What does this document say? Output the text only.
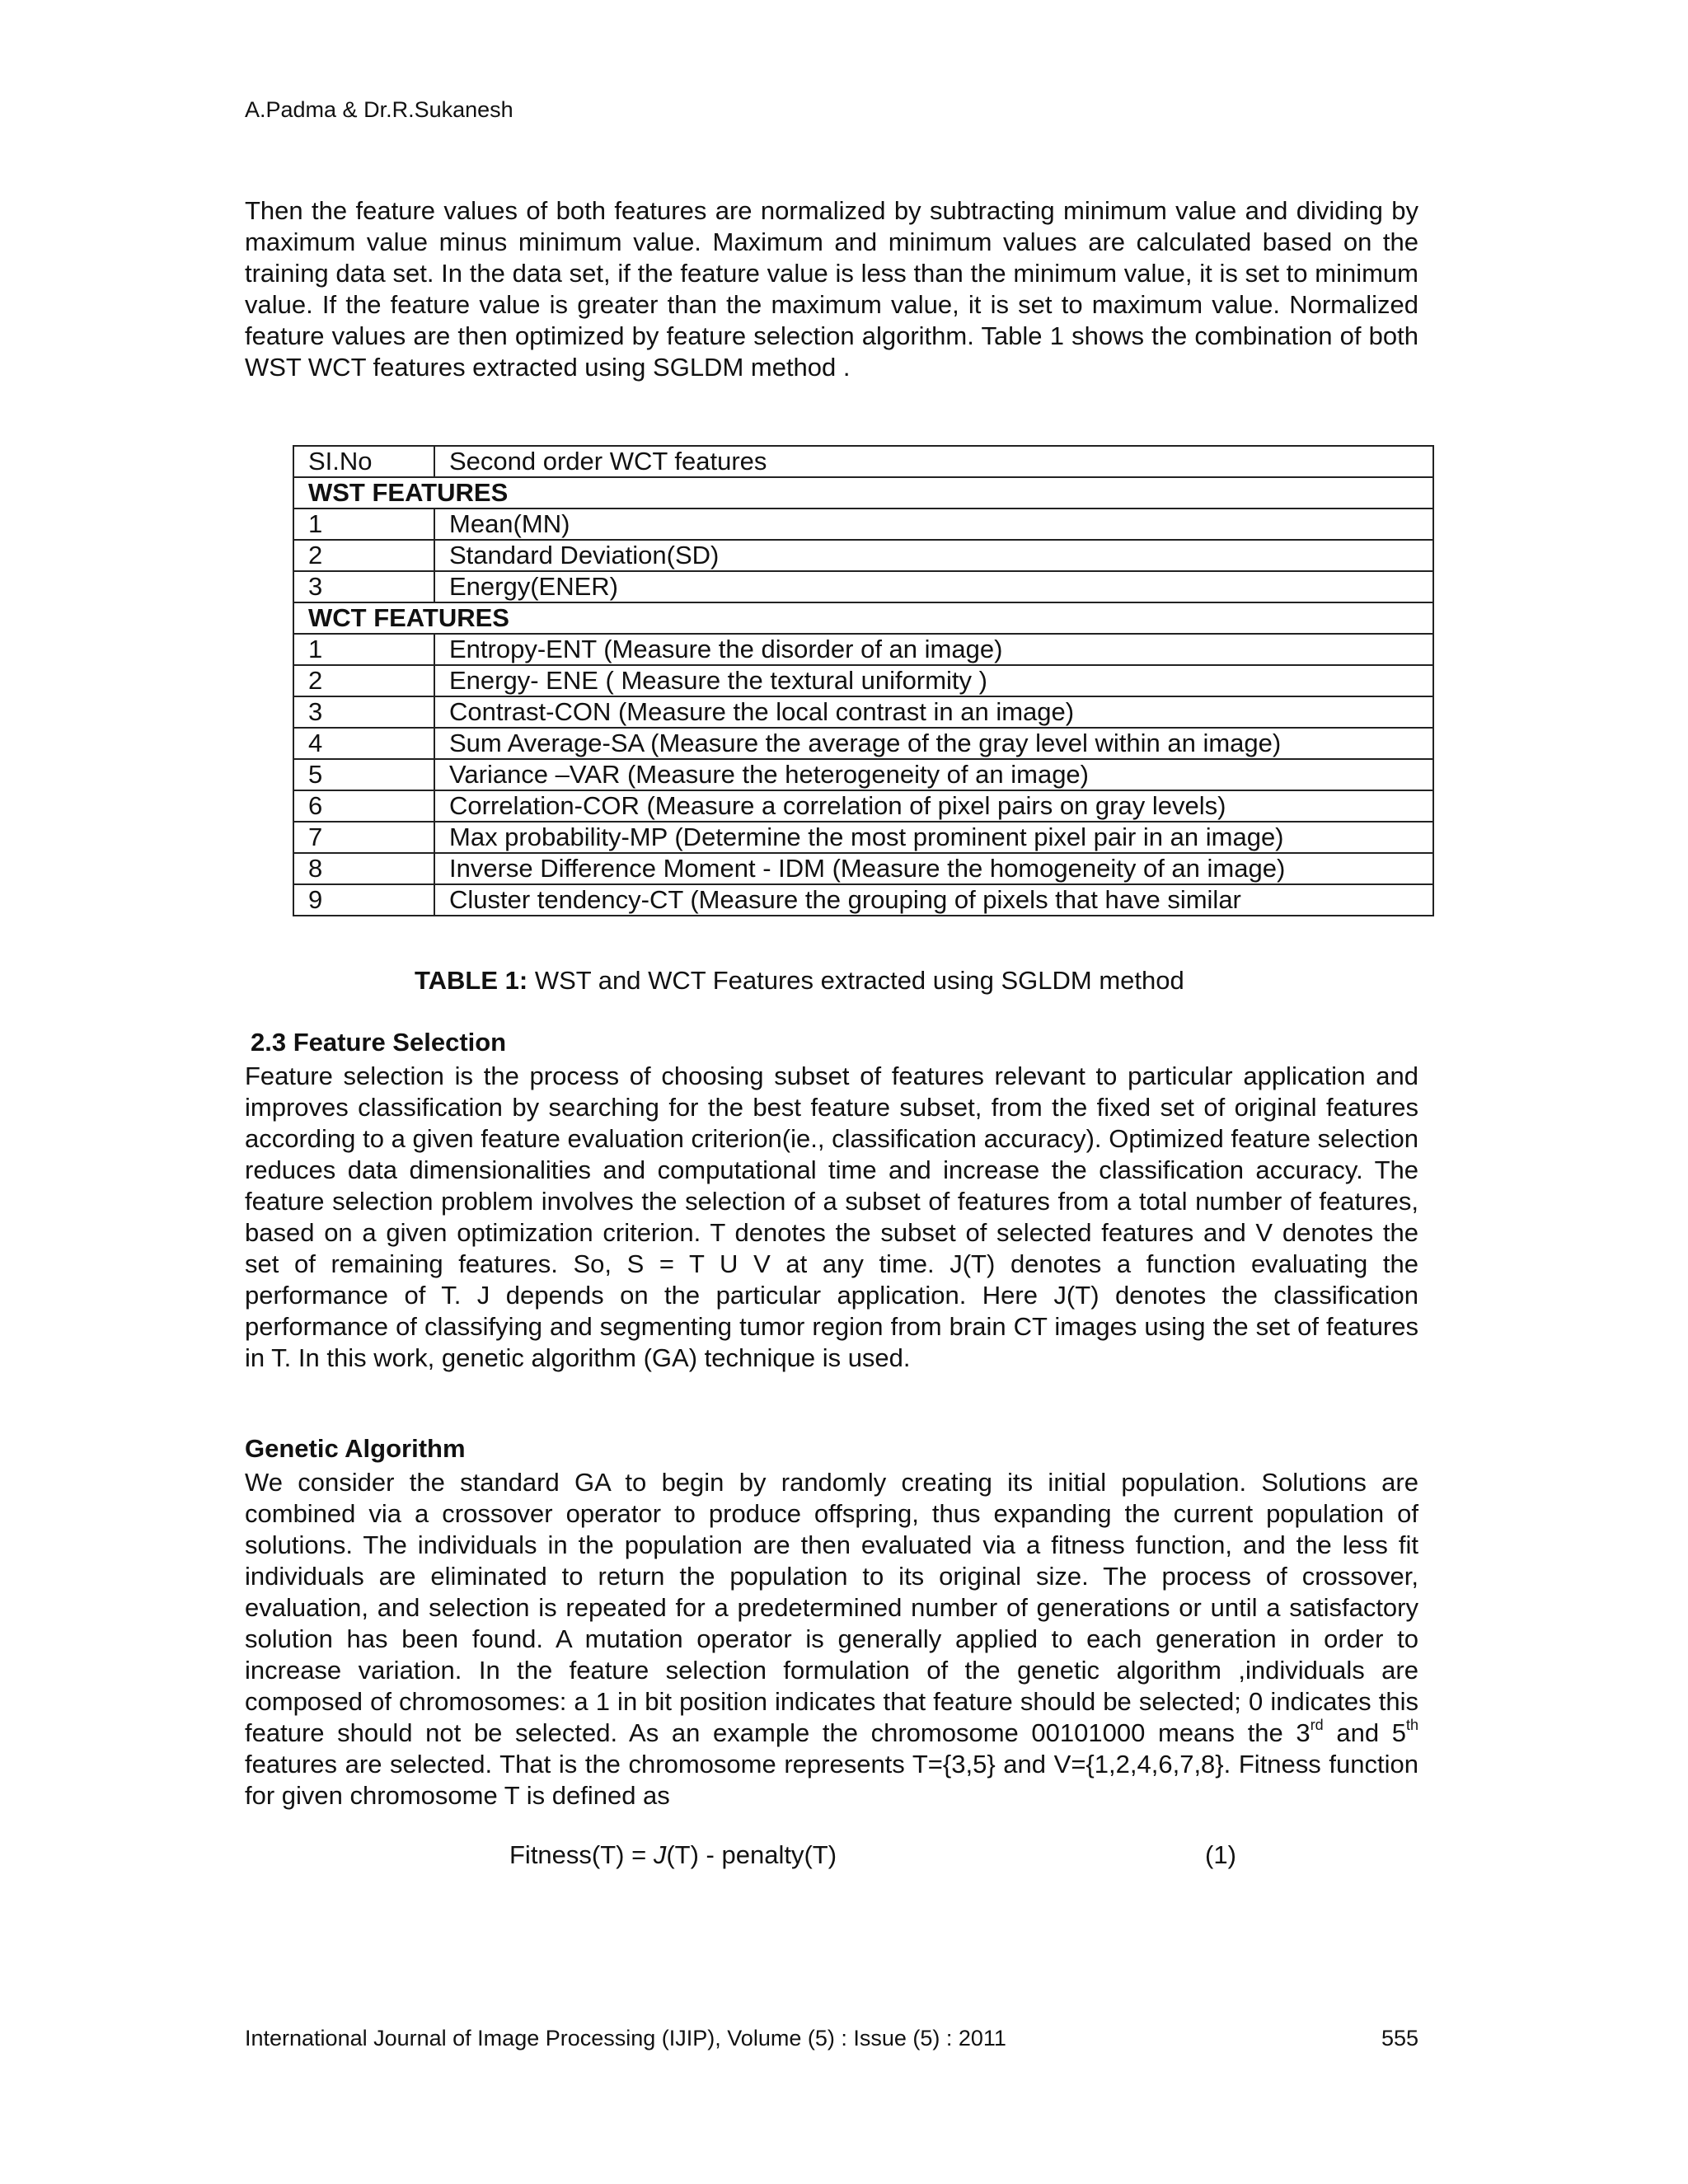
A.Padma & Dr.R.Sukanesh

Then the feature values of both features are normalized by subtracting minimum value and dividing by maximum value minus minimum value. Maximum and minimum values are calculated based on the training data set. In the data set, if the feature value is less than the minimum value, it is set to minimum value. If the feature value is greater than the maximum value, it is set to maximum value. Normalized feature values are then optimized by feature selection algorithm. Table 1 shows the combination of both WST WCT features extracted using SGLDM method .

SI.No	Second order WCT features
WST FEATURES	
1	Mean(MN)
2	Standard Deviation(SD)
3	Energy(ENER)
WCT FEATURES	
1	Entropy-ENT (Measure the disorder of an image)
2	Energy- ENE ( Measure the textural uniformity )
3	Contrast-CON (Measure the local contrast in an image)
4	Sum Average-SA (Measure the average of the gray level within an image)
5	Variance –VAR (Measure the heterogeneity of an image)
6	Correlation-COR (Measure a correlation of pixel pairs on gray levels)
7	Max probability-MP (Determine the most prominent pixel pair in an image)
8	Inverse Difference Moment - IDM (Measure the homogeneity of an image)
9	Cluster tendency-CT (Measure the grouping of pixels that have similar
TABLE 1: WST and WCT Features extracted using SGLDM method
2.3 Feature Selection

Feature selection is the process of choosing subset of features relevant to particular application and improves classification by searching for the best feature subset, from the fixed set of original features according to a given feature evaluation criterion(ie., classification accuracy). Optimized feature selection reduces data dimensionalities and computational time and increase the classification accuracy. The feature selection problem involves the selection of a subset of features from a total number of features, based on a given optimization criterion. T denotes the subset of selected features and V denotes the set of remaining features. So, S = T U V at any time. J(T) denotes a function evaluating the performance of T. J depends on the particular application. Here J(T) denotes the classification performance of classifying and segmenting tumor region from brain CT images using the set of features in T. In this work, genetic algorithm (GA) technique is used.

Genetic Algorithm

We consider the standard GA to begin by randomly creating its initial population. Solutions are combined via a crossover operator to produce offspring, thus expanding the current population of solutions. The individuals in the population are then evaluated via a fitness function, and the less fit individuals are eliminated to return the population to its original size. The process of crossover, evaluation, and selection is repeated for a predetermined number of generations or until a satisfactory solution has been found. A mutation operator is generally applied to each generation in order to increase variation. In the feature selection formulation of the genetic algorithm ,individuals are composed of chromosomes: a 1 in bit position indicates that feature should be selected; 0 indicates this feature should not be selected. As an example the chromosome 00101000 means the 3rd and 5th features are selected. That is the chromosome represents T={3,5} and V={1,2,4,6,7,8}. Fitness function for given chromosome T is defined as

Fitness(T) = J(T) - penalty(T)	(1)
International Journal of Image Processing (IJIP), Volume (5) : Issue (5) : 2011	555
